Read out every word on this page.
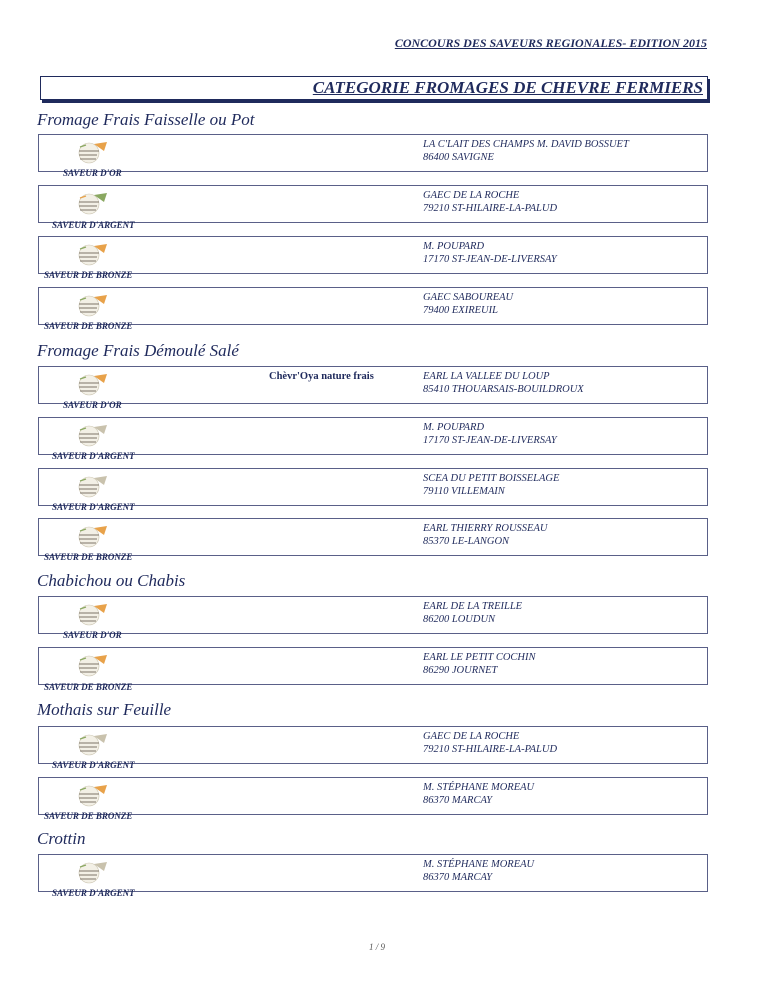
CONCOURS DES SAVEURS REGIONALES- EDITION 2015
CATEGORIE FROMAGES DE CHEVRE FERMIERS
Fromage Frais Faisselle ou Pot
LA C'LAIT DES CHAMPS M. DAVID BOSSUET
86400 SAVIGNE
SAVEUR D'OR
GAEC DE LA ROCHE
79210 ST-HILAIRE-LA-PALUD
SAVEUR D'ARGENT
M. POUPARD
17170 ST-JEAN-DE-LIVERSAY
SAVEUR DE BRONZE
GAEC SABOUREAU
79400 EXIREUIL
SAVEUR DE BRONZE
Fromage Frais Démoulé Salé
Chèvr'Oya nature frais	EARL LA VALLEE DU LOUP
85410 THOUARSAIS-BOUILDROUX
SAVEUR D'OR
M. POUPARD
17170 ST-JEAN-DE-LIVERSAY
SAVEUR D'ARGENT
SCEA DU PETIT BOISSELAGE
79110 VILLEMAIN
SAVEUR D'ARGENT
EARL THIERRY ROUSSEAU
85370 LE-LANGON
SAVEUR DE BRONZE
Chabichou ou Chabis
EARL DE LA TREILLE
86200 LOUDUN
SAVEUR D'OR
EARL LE PETIT COCHIN
86290 JOURNET
SAVEUR DE BRONZE
Mothais sur Feuille
GAEC DE LA ROCHE
79210 ST-HILAIRE-LA-PALUD
SAVEUR D'ARGENT
M. STÉPHANE MOREAU
86370 MARCAY
SAVEUR DE BRONZE
Crottin
M. STÉPHANE MOREAU
86370 MARCAY
SAVEUR D'ARGENT
1 / 9
